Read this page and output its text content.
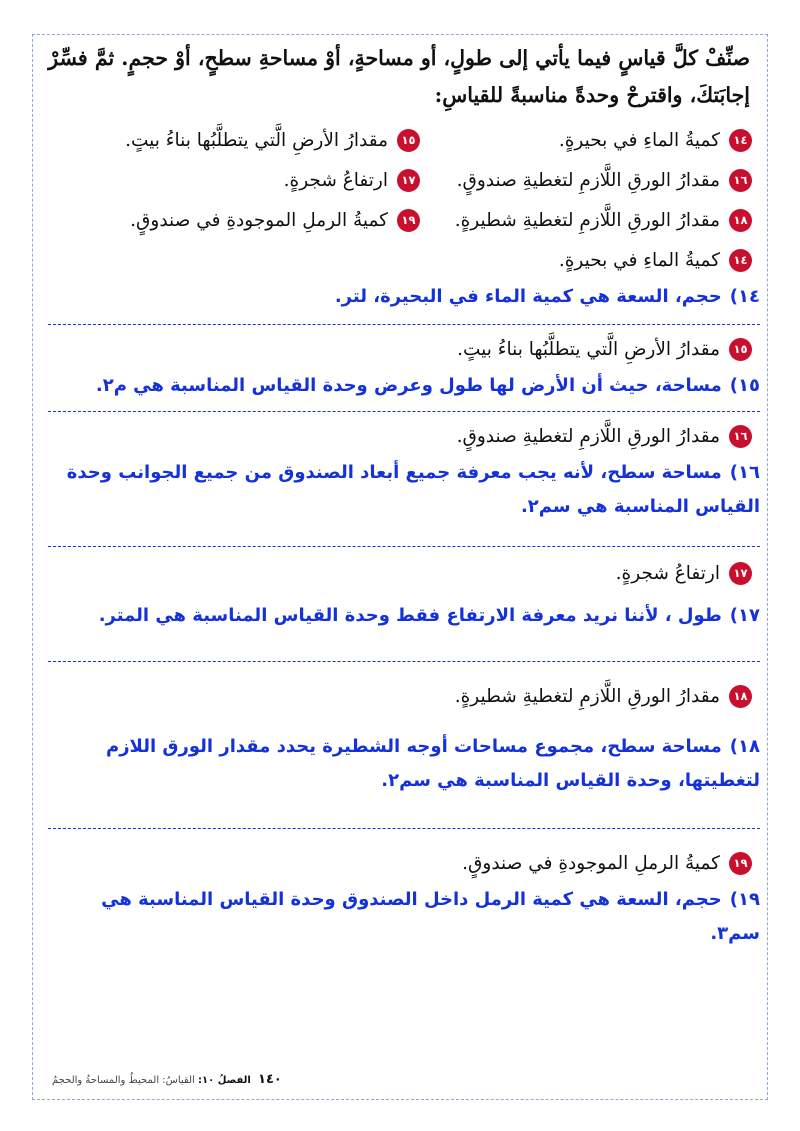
صنِّفْ كلَّ قياسٍ فيما يأتي إلى طولٍ، أو مساحةٍ، أوْ مساحةِ سطحٍ، أوْ حجمٍ. ثمَّ فسِّرْ إجابَتكَ، واقترحْ وحدةً مناسبةً للقياسِ:

١٤
كميةُ الماءِ في بحيرةٍ.
١٥
مقدارُ الأرضِ الَّتي يتطلَّبُها بناءُ بيتٍ.
١٦
مقدارُ الورقِ اللَّازمِ لتغطيةِ صندوقٍ.
١٧
ارتفاعُ شجرةٍ.
١٨
مقدارُ الورقِ اللَّازمِ لتغطيةِ شطيرةٍ.
١٩
كميةُ الرملِ الموجودةِ في صندوقٍ.
١٤
كميةُ الماءِ في بحيرةٍ.

١٤)حجم، السعة هي كمية الماء في البحيرة، لتر.

١٥
مقدارُ الأرضِ الَّتي يتطلَّبُها بناءُ بيتٍ.

١٥)مساحة، حيث أن الأرض لها طول وعرض وحدة القياس المناسبة هي م٢.

١٦
مقدارُ الورقِ اللَّازمِ لتغطيةِ صندوقٍ.

١٦)مساحة سطح، لأنه يجب معرفة جميع أبعاد الصندوق من جميع الجوانب وحدة القياس المناسبة هي سم٢.

١٧
ارتفاعُ شجرةٍ.

١٧)طول ، لأننا نريد معرفة الارتفاع فقط وحدة القياس المناسبة هي المتر.

١٨
مقدارُ الورقِ اللَّازمِ لتغطيةِ شطيرةٍ.

١٨)مساحة سطح، مجموع مساحات أوجه الشطيرة يحدد مقدار الورق اللازم لتغطيتها، وحدة القياس المناسبة هي سم٢.

١٩
كميةُ الرملِ الموجودةِ في صندوقٍ.

١٩)حجم، السعة هي كمية الرمل داخل الصندوق وحدة القياس المناسبة هي سم٣.

١٤٠ الفصلُ ١٠: القياسُ: المحيطُ والمساحةُ والحجمُ
